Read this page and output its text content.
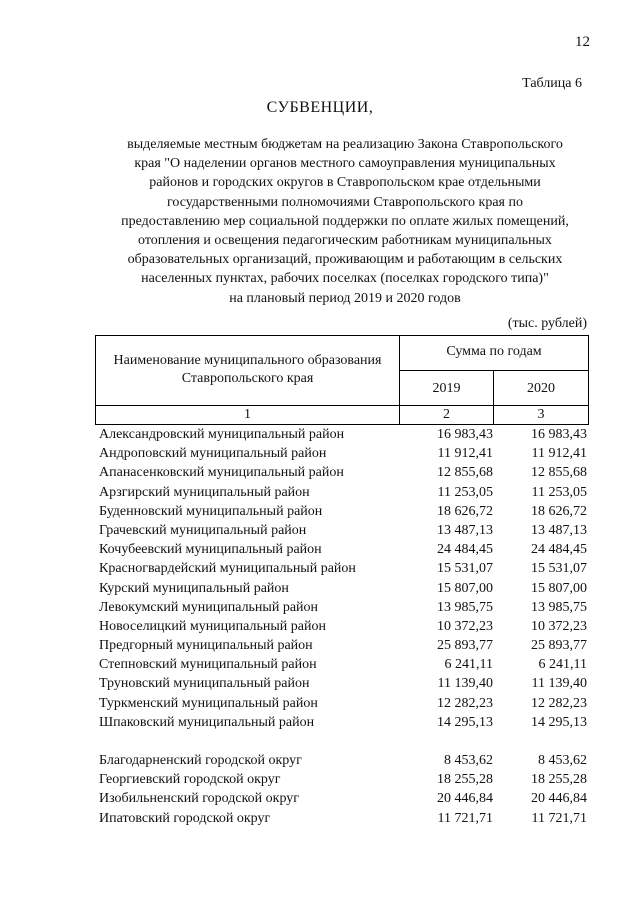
12
Таблица 6
СУБВЕНЦИИ,
выделяемые местным бюджетам на реализацию Закона Ставропольского
края "О наделении органов местного самоуправления муниципальных
районов и городских округов в Ставропольском крае отдельными
государственными полномочиями Ставропольского края по
предоставлению мер социальной поддержки по оплате жилых помещений,
отопления и освещения педагогическим работникам муниципальных
образовательных организаций, проживающим и работающим в сельских
населенных пунктах, рабочих поселках (поселках городского типа)"
на плановый период 2019 и 2020 годов
(тыс. рублей)
Наименование муниципального образования
Ставропольского края
Сумма по годам
2019	2020
1	2	3
Александровский муниципальный район	16 983,43	16 983,43
Андроповский муниципальный район	11 912,41	11 912,41
Апанасенковский муниципальный район	12 855,68	12 855,68
Арзгирский муниципальный район	11 253,05	11 253,05
Буденновский муниципальный район	18 626,72	18 626,72
Грачевский муниципальный район	13 487,13	13 487,13
Кочубеевский муниципальный район	24 484,45	24 484,45
Красногвардейский муниципальный район	15 531,07	15 531,07
Курский муниципальный район	15 807,00	15 807,00
Левокумский муниципальный район	13 985,75	13 985,75
Новоселицкий муниципальный район	10 372,23	10 372,23
Предгорный муниципальный район	25 893,77	25 893,77
Степновский муниципальный район	6 241,11	6 241,11
Труновский муниципальный район	11 139,40	11 139,40
Туркменский муниципальный район	12 282,23	12 282,23
Шпаковский муниципальный район	14 295,13	14 295,13
Благодарненский городской округ	8 453,62	8 453,62
Георгиевский городской округ	18 255,28	18 255,28
Изобильненский городской округ	20 446,84	20 446,84
Ипатовский городской округ	11 721,71	11 721,71
